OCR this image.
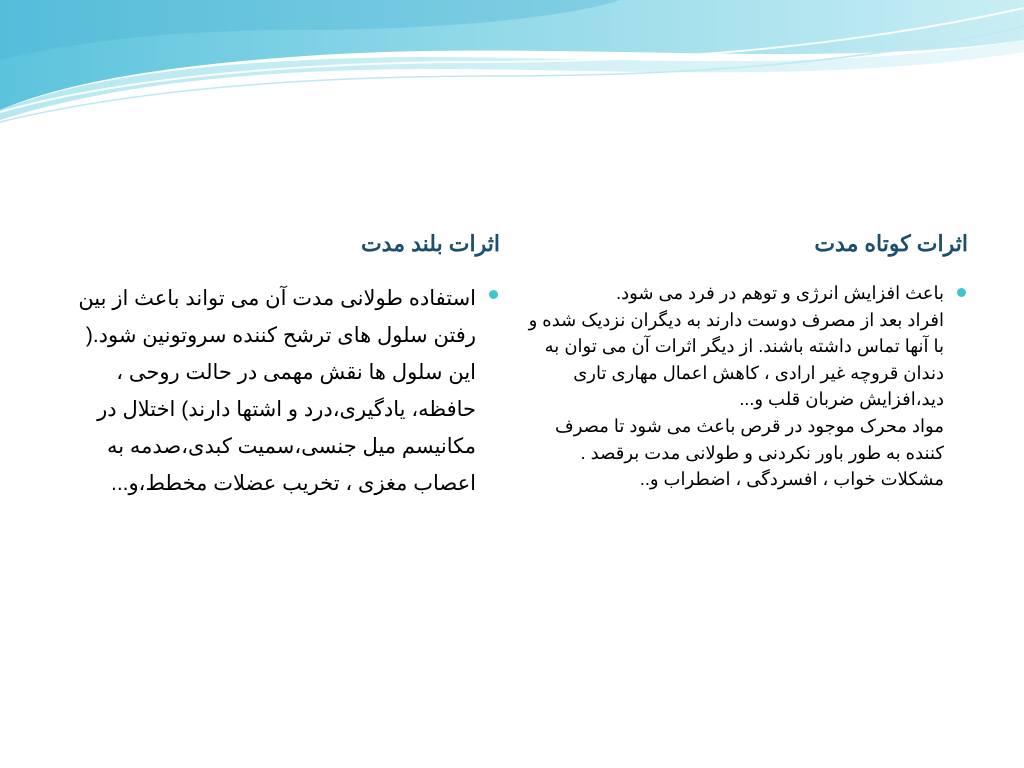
اثرات کوتاه مدت

باعث افزایش انرژی و توهم در فرد می شود.
افراد بعد از مصرف دوست دارند به دیگران نزدیک شده و با آنها تماس داشته باشند. از دیگر اثرات آن می توان به دندان قروچه غیر ارادی ، کاهش اعمال مهاری تاری دید،افزایش ضربان قلب و...
مواد محرک موجود در قرص باعث می شود تا مصرف کننده به طور باور نکردنی و طولانی مدت برقصد .
مشکلات خواب ، افسردگی ، اضطراب و..

اثرات بلند مدت

استفاده طولانی مدت آن می تواند باعث از بین رفتن سلول های ترشح کننده سروتونین شود.( این سلول ها نقش مهمی در حالت روحی ، حافظه، یادگیری،درد و اشتها دارند) اختلال در مکانیسم میل جنسی،سمیت کبدی،صدمه به اعصاب مغزی ، تخریب عضلات مخطط،و...
